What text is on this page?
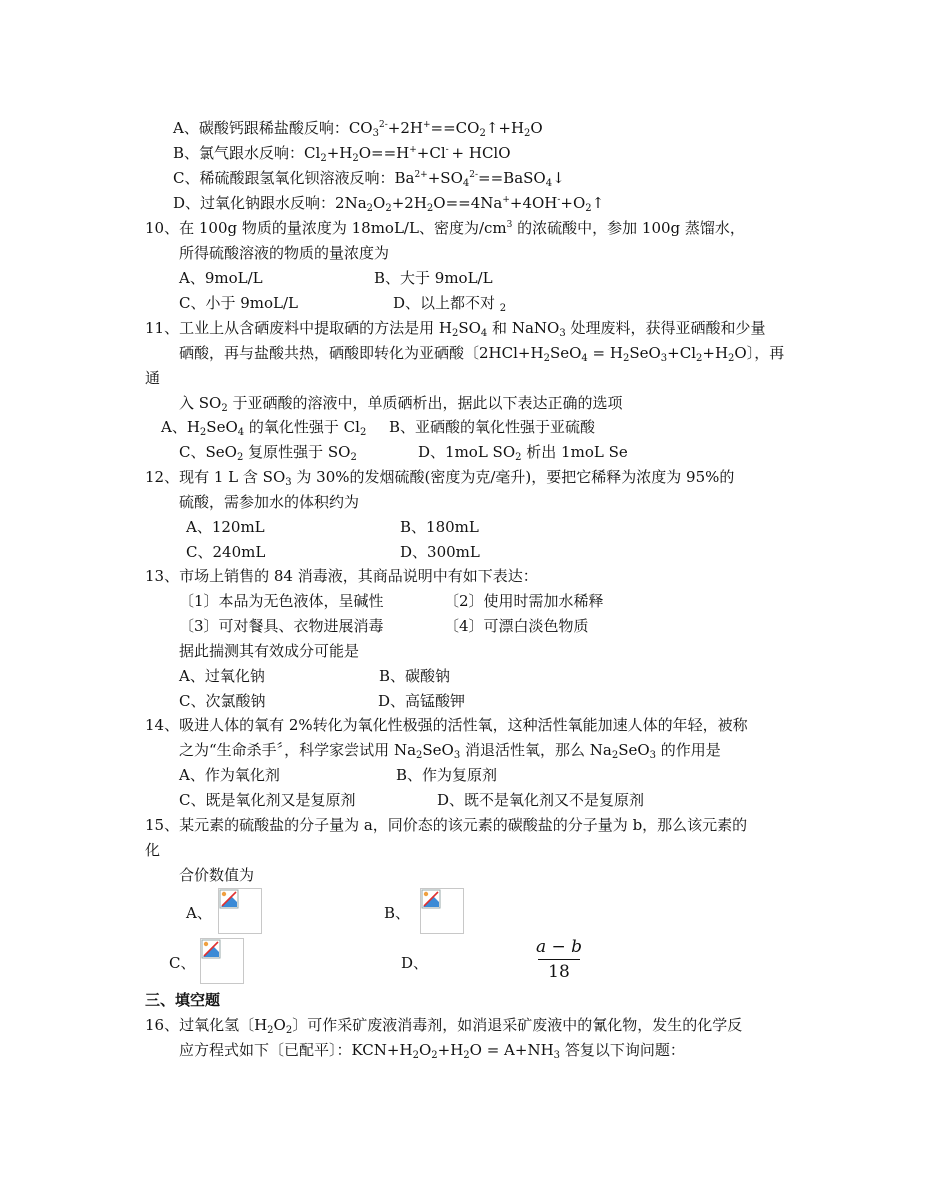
A、碳酸钙跟稀盐酸反响：$CO_3^{2-}+2H^+==CO_2↑+H_2O$
B、氯气跟水反响：$Cl_2+H_2O==H^++Cl^-$ + HClO
C、稀硫酸跟氢氧化钡溶液反响：$Ba^{2+}+SO_4^{2-}==BaSO_4↓$
D、过氧化钠跟水反响：$2Na_2O_2+2H_2O==4Na^++4OH^-+O_2↑$
10、在 100g 物质的量浓度为 18moL/L、密度为$/cm^3$ 的浓硫酸中，参加 100g 蒸馏水，
所得硫酸溶液的物质的量浓度为
A、9moL/L	B、大于 9moL/L
C、小于 9moL/L	D、以上都不对 $_2$
11、工业上从含硒废料中提取硒的方法是用 $H_2SO_4$ 和 NaNO$_3$ 处理废料，获得亚硒酸和少量
硒酸，再与盐酸共热，硒酸即转化为亚硒酸〔$2HCl+H_2SeO_4 = H_2SeO_3+Cl_2+H_2O$〕，再
通
入 $SO_2$ 于亚硒酸的溶液中，单质硒析出，据此以下表达正确的选项
A、$H_2SeO_4$ 的氧化性强于 $Cl_2$ B、亚硒酸的氧化性强于亚硫酸
C、SeO$_2$ 复原性强于 $SO_2$	D、1moL $SO_2$ 析出 1moL Se
12、现有 1 L 含 $SO_3$ 为 30%的发烟硫酸(密度为克/毫升)，要把它稀释为浓度为 95%的
硫酸，需参加水的体积约为
A、120mL	B、180mL
C、240mL	D、300mL
13、市场上销售的 84 消毒液，其商品说明中有如下表达：
〔1〕本品为无色液体，呈碱性	〔2〕使用时需加水稀释
〔3〕可对餐具、衣物进展消毒	〔4〕可漂白淡色物质
据此揣测其有效成分可能是
A、过氧化钠	B、碳酸钠
C、次氯酸钠	D、高锰酸钾
14、吸进人体的氧有 2%转化为氧化性极强的活性氧，这种活性氧能加速人体的年轻，被称
之为“生命杀手〞，科学家尝试用 $Na_2SeO_3$ 消退活性氧，那么 $Na_2SeO_3$ 的作用是
A、作为氧化剂	B、作为复原剂
C、既是氧化剂又是复原剂	D、既不是氧化剂又不是复原剂
15、某元素的硫酸盐的分子量为 a，同价态的该元素的碳酸盐的分子量为 b，那么该元素的
化
合价数值为
A、	B、
C、	D、
a − b
18
三、填空题
16、过氧化氢〔$H_2O_2$〕可作采矿废液消毒剂，如消退采矿废液中的氰化物，发生的化学反
应方程式如下〔已配平〕：$KCN+H_2O_2+H_2O = A+NH_3$ 答复以下询问题：
